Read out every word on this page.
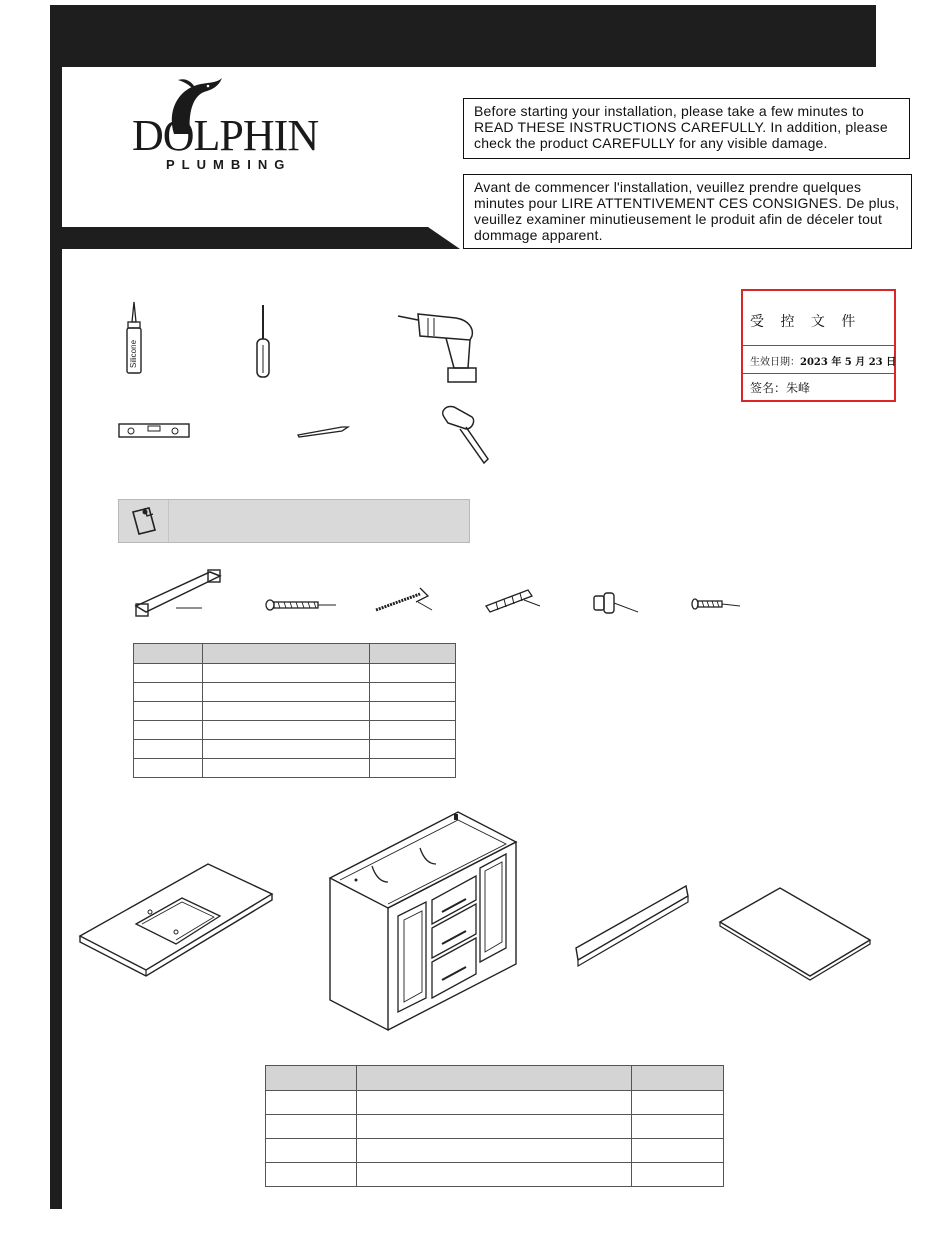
DOLPHIN
PLUMBING
Before starting your installation, please take a few minutes to READ THESE INSTRUCTIONS CAREFULLY. In addition, please check the product CAREFULLY for any visible damage.
Avant de commencer l'installation, veuillez prendre quelques minutes pour LIRE ATTENTIVEMENT CES CONSIGNES. De plus, veuillez examiner minutieusement le produit afin de déceler tout dommage apparent.
受 控 文 件
生效日期：2023 年 5 月 23 日
签名：朱峰
Silicone
